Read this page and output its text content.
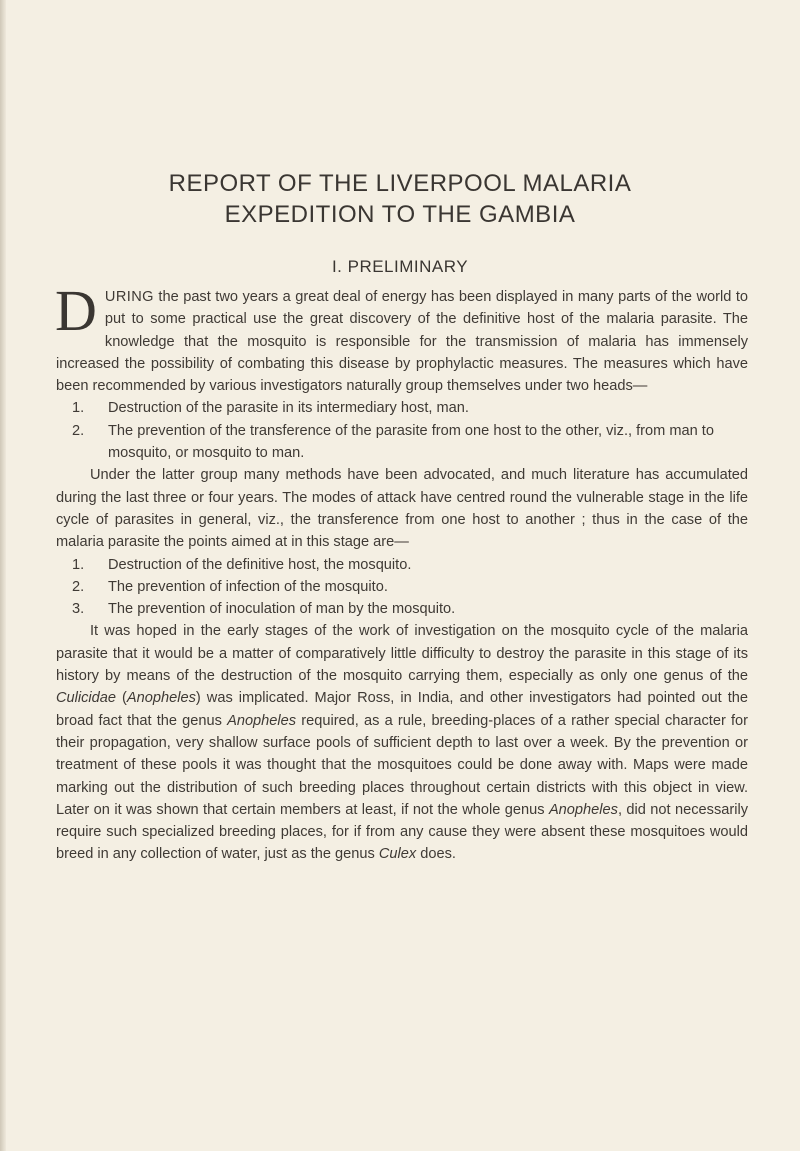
REPORT OF THE LIVERPOOL MALARIA
EXPEDITION TO THE GAMBIA
I. PRELIMINARY

DURING the past two years a great deal of energy has been displayed in many parts of the world to put to some practical use the great discovery of the definitive host of the malaria parasite. The knowledge that the mosquito is responsible for the transmission of malaria has immensely increased the possibility of combating this disease by prophylactic measures. The measures which have been recommended by various investigators naturally group themselves under two heads—

1. Destruction of the parasite in its intermediary host, man.
2. The prevention of the transference of the parasite from one host to the other, viz., from man to mosquito, or mosquito to man.

Under the latter group many methods have been advocated, and much literature has accumulated during the last three or four years. The modes of attack have centred round the vulnerable stage in the life cycle of parasites in general, viz., the transference from one host to another ; thus in the case of the malaria parasite the points aimed at in this stage are—

1. Destruction of the definitive host, the mosquito.
2. The prevention of infection of the mosquito.
3. The prevention of inoculation of man by the mosquito.

It was hoped in the early stages of the work of investigation on the mosquito cycle of the malaria parasite that it would be a matter of comparatively little difficulty to destroy the parasite in this stage of its history by means of the destruction of the mosquito carrying them, especially as only one genus of the Culicidae (Anopheles) was implicated. Major Ross, in India, and other investigators had pointed out the broad fact that the genus Anopheles required, as a rule, breeding-places of a rather special character for their propagation, very shallow surface pools of sufficient depth to last over a week. By the prevention or treatment of these pools it was thought that the mosquitoes could be done away with. Maps were made marking out the distribution of such breeding places throughout certain districts with this object in view. Later on it was shown that certain members at least, if not the whole genus Anopheles, did not necessarily require such specialized breeding places, for if from any cause they were absent these mosquitoes would breed in any collection of water, just as the genus Culex does.
